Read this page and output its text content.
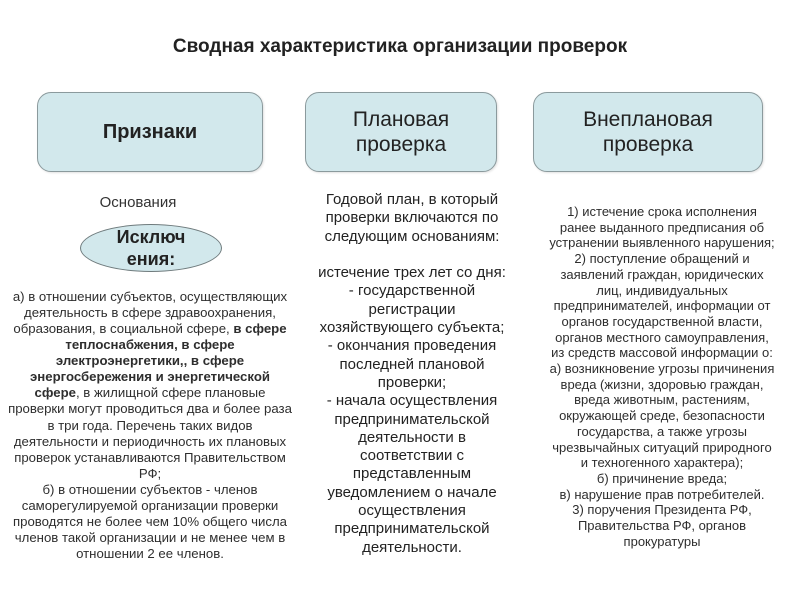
Сводная характеристика организации проверок
Признаки
Плановая
проверка
Внеплановая
проверка
Основания
Исключ
ения:
а) в отношении субъектов, осуществляющих
деятельность в сфере здравоохранения,
образования, в социальной сфере, в сфере
теплоснабжения, в сфере
электроэнергетики,, в сфере
энергосбережения и энергетической
сфере, в жилищной сфере плановые
проверки могут проводиться два и более раза
в три года. Перечень таких видов
деятельности и периодичность их плановых
проверок устанавливаются Правительством
РФ;
б) в отношении субъектов - членов
саморегулируемой организации проверки
проводятся не более чем 10% общего числа
членов такой организации и не менее чем в
отношении 2 ее членов.
Годовой план, в который
проверки включаются по
следующим основаниям:
истечение трех лет со дня:
- государственной
регистрации
хозяйствующего субъекта;
- окончания проведения
последней плановой
проверки;
- начала осуществления
предпринимательской
деятельности в
соответствии с
представленным
уведомлением о начале
осуществления
предпринимательской
деятельности.
1) истечение срока исполнения
ранее выданного предписания об
устранении выявленного нарушения;
2) поступление обращений и
заявлений граждан, юридических
лиц, индивидуальных
предпринимателей, информации от
органов государственной власти,
органов местного самоуправления,
из средств массовой информации о:
а) возникновение угрозы причинения
вреда (жизни, здоровью граждан,
вреда животным, растениям,
окружающей среде, безопасности
государства, а также угрозы
чрезвычайных ситуаций природного
и техногенного характера);
б) причинение вреда;
в) нарушение прав потребителей.
3) поручения Президента РФ,
Правительства РФ, органов
прокуратуры
